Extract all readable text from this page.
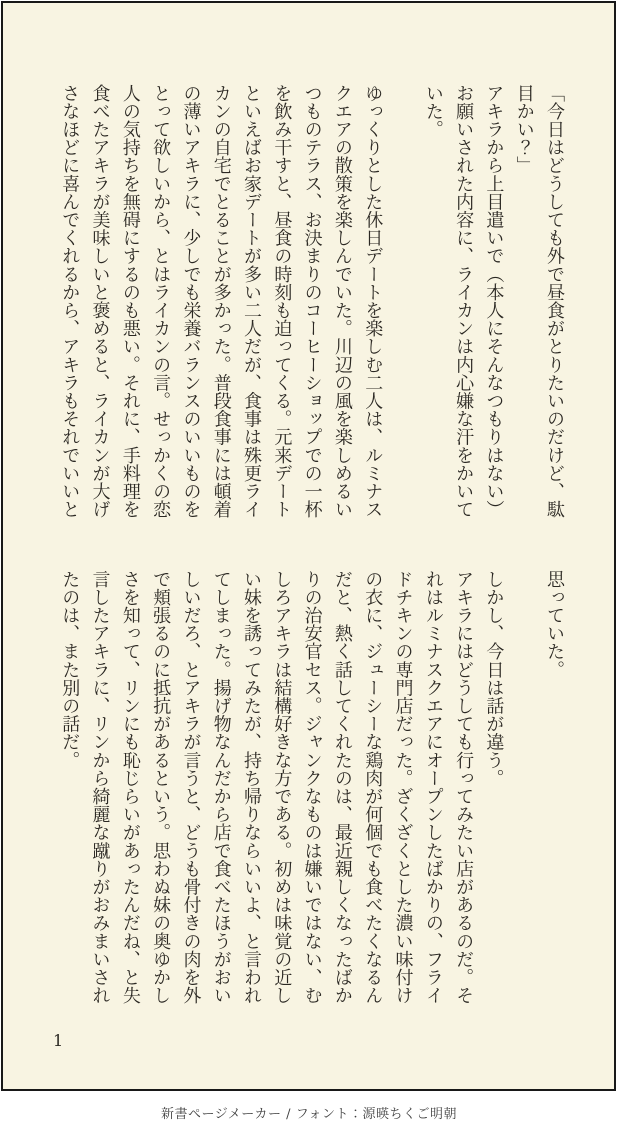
「今日はどうしても外で昼食がとりたいのだけど、駄
目かい？」
アキラから上目遣いで（本人にそんなつもりはない）
お願いされた内容に、ライカンは内心嫌な汗をかいて
いた。
ゆっくりとした休日デートを楽しむ二人は、ルミナス
クエアの散策を楽しんでいた。川辺の風を楽しめるい
つものテラス、お決まりのコーヒーショップでの一杯
を飲み干すと、昼食の時刻も迫ってくる。元来デート
といえばお家デートが多い二人だが、食事は殊更ライ
カンの自宅でとることが多かった。普段食事には頓着
の薄いアキラに、少しでも栄養バランスのいいものを
とって欲しいから、とはライカンの言。せっかくの恋
人の気持ちを無碍にするのも悪い。それに、手料理を
食べたアキラが美味しいと褒めると、ライカンが大げ
さなほどに喜んでくれるから、アキラもそれでいいと
思っていた。
しかし、今日は話が違う。
アキラにはどうしても行ってみたい店があるのだ。そ
れはルミナスクエアにオープンしたばかりの、フライ
ドチキンの専門店だった。ざくざくとした濃い味付け
の衣に、ジューシーな鶏肉が何個でも食べたくなるん
だと、熱く話してくれたのは、最近親しくなったばか
りの治安官セス。ジャンクなものは嫌いではない、む
しろアキラは結構好きな方である。初めは味覚の近し
い妹を誘ってみたが、持ち帰りならいいよ、と言われ
てしまった。揚げ物なんだから店で食べたほうがおい
しいだろ、とアキラが言うと、どうも骨付きの肉を外
で頬張るのに抵抗があるという。思わぬ妹の奥ゆかし
さを知って、リンにも恥じらいがあったんだね、と失
言したアキラに、リンから綺麗な蹴りがおみまいされ
たのは、また別の話だ。
1
新書ページメーカー / フォント：源暎ちくご明朝
